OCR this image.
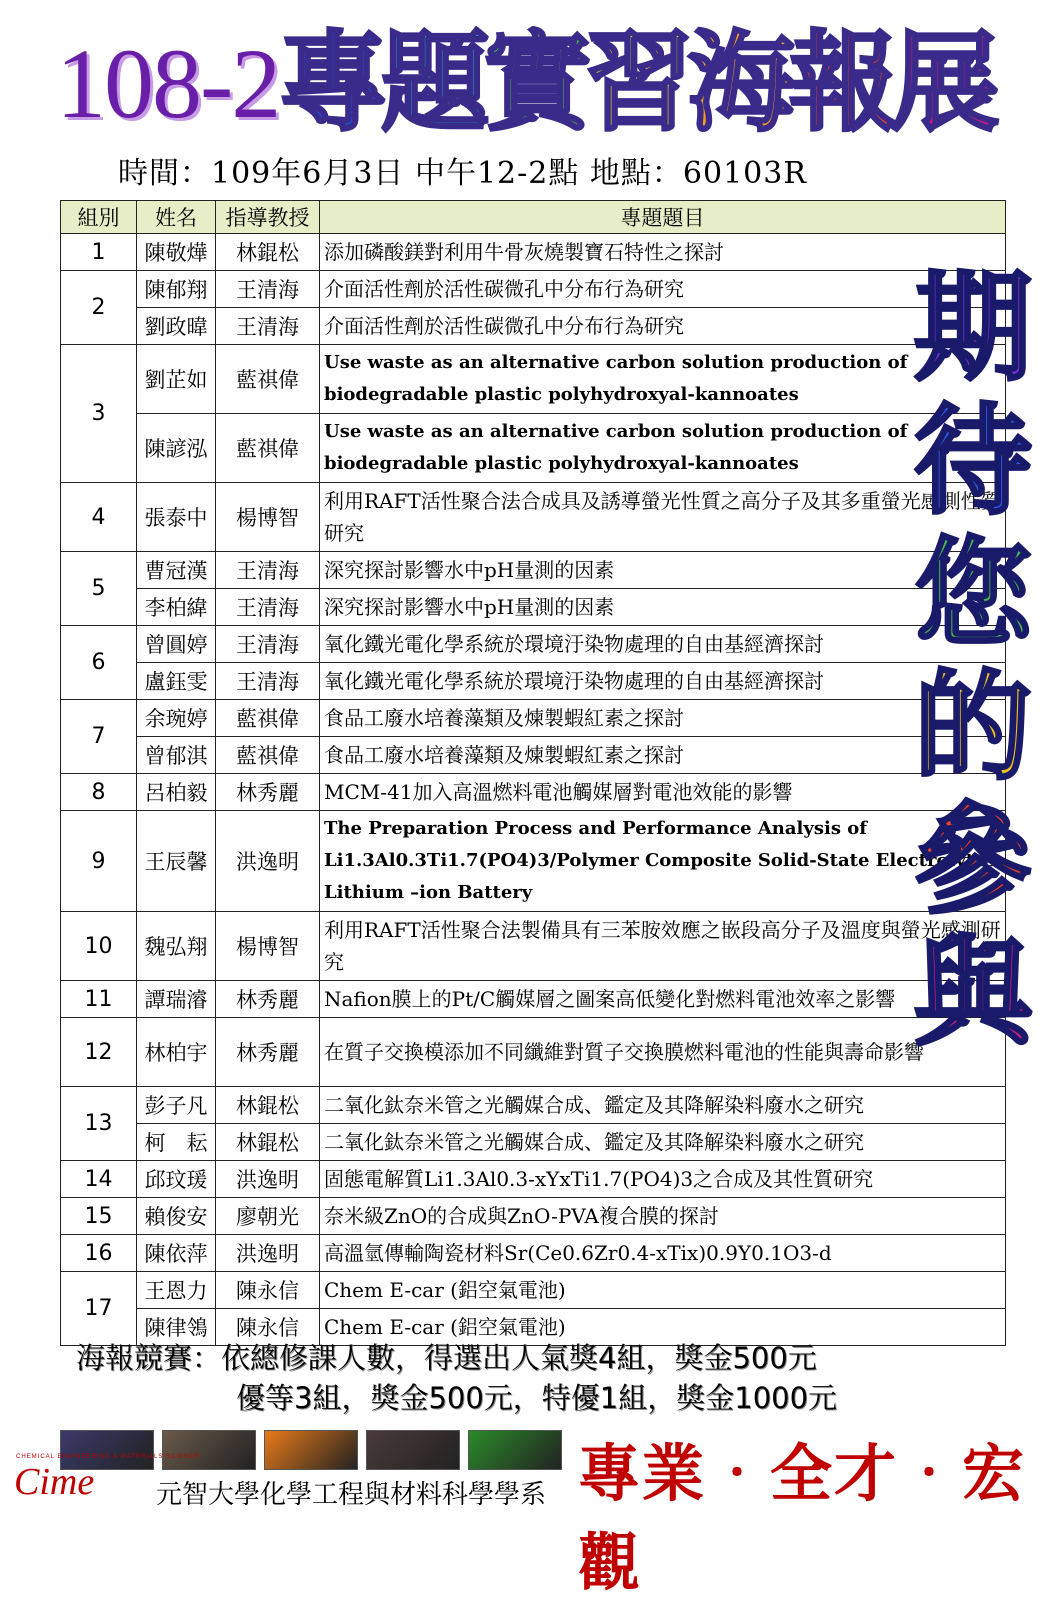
108-2專題實習海報展
時間：109年6月3日 中午12-2點 地點：60103R
組別	姓名	指導教授	專題題目
1	陳敬燁	林錕松	添加磷酸鎂對利用牛骨灰燒製寶石特性之探討
2	陳郁翔	王清海	介面活性劑於活性碳微孔中分布行為研究
	劉政暐	王清海	介面活性劑於活性碳微孔中分布行為研究
3	劉芷如	藍祺偉	Use waste as an alternative carbon solution production of biodegradable plastic polyhydroxyal-kannoates
	陳諺泓	藍祺偉	Use waste as an alternative carbon solution production of biodegradable plastic polyhydroxyal-kannoates
4	張泰中	楊博智	利用RAFT活性聚合法合成具及誘導螢光性質之高分子及其多重螢光感測性質研究
5	曹冠漢	王清海	深究探討影響水中pH量測的因素
	李柏緯	王清海	深究探討影響水中pH量測的因素
6	曾圓婷	王清海	氧化鐵光電化學系統於環境汙染物處理的自由基經濟探討
	盧鈺雯	王清海	氧化鐵光電化學系統於環境汙染物處理的自由基經濟探討
7	余琬婷	藍祺偉	食品工廢水培養藻類及煉製蝦紅素之探討
	曾郁淇	藍祺偉	食品工廢水培養藻類及煉製蝦紅素之探討
8	呂柏毅	林秀麗	MCM-41加入高溫燃料電池觸媒層對電池效能的影響
9	王辰馨	洪逸明	The Preparation Process and Performance Analysis of Li1.3Al0.3Ti1.7(PO4)3/Polymer Composite Solid-State Electrolytes Lithium –ion Battery
10	魏弘翔	楊博智	利用RAFT活性聚合法製備具有三苯胺效應之嵌段高分子及溫度與螢光感測研究
11	譚瑞濬	林秀麗	Nafion膜上的Pt/C觸媒層之圖案高低變化對燃料電池效率之影響
12	林柏宇	林秀麗	在質子交換模添加不同纖維對質子交換膜燃料電池的性能與壽命影響
13	彭子凡	林錕松	二氧化鈦奈米管之光觸媒合成、鑑定及其降解染料廢水之研究
	柯　耘	林錕松	二氧化鈦奈米管之光觸媒合成、鑑定及其降解染料廢水之研究
14	邱玟瑗	洪逸明	固態電解質Li1.3Al0.3-xYxTi1.7(PO4)3之合成及其性質研究
15	賴俊安	廖朝光	奈米級ZnO的合成與ZnO-PVA複合膜的探討
16	陳依萍	洪逸明	高溫氫傳輸陶瓷材料Sr(Ce0.6Zr0.4-xTix)0.9Y0.1O3-d
17	王恩力	陳永信	Chem E-car (鋁空氣電池)
	陳律鴒	陳永信	Chem E-car (鋁空氣電池)
期
待
您
的
參
與
海報競賽：依總修課人數，得選出人氣獎4組，獎金500元
優等3組，獎金500元，特優1組，獎金1000元
CHEMICAL ENGINEERING & MATERIALS SCIENCE
Cime 元智大學化學工程與材料科學學系 專業‧全才‧宏觀
